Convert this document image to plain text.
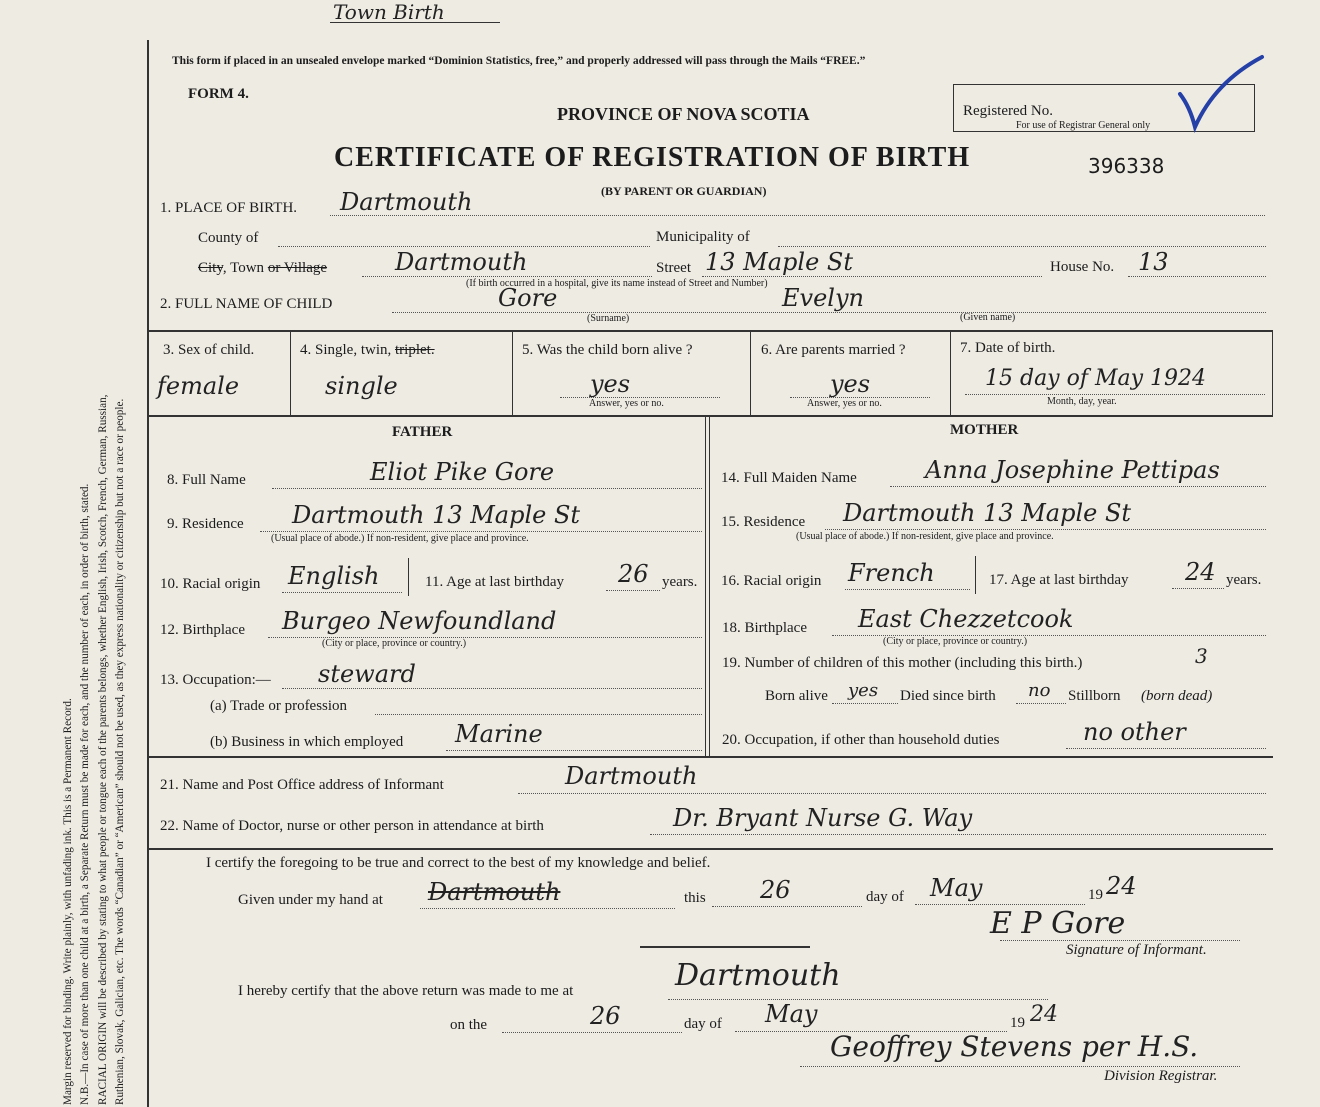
Margin reserved for binding. Write plainly, with unfading ink. This is a Permanent Record. N.B.—In case of more than one child at a birth, a Separate Return must be made for each, and the number of each, in order of birth, stated. RACIAL ORIGIN will be described by stating to what people or tongue each of the parents belongs, whether English, Irish, Scotch, French, German, Russian, Ruthenian, Slovak, Galician, etc. The words “Canadian” or “American” should not be used, as they express nationality or citizenship but not a race or people.
Town Birth
This form if placed in an unsealed envelope marked “Dominion Statistics, free,” and properly addressed will pass through the Mails “FREE.”
FORM 4.
PROVINCE OF NOVA SCOTIA	Registered No.
For use of Registrar General only
CERTIFICATE OF REGISTRATION OF BIRTH	396338
(BY PARENT OR GUARDIAN)
1. PLACE OF BIRTH. Dartmouth
County of	Municipality of
City, Town or Village	Dartmouth	Street 13 Maple St	House No. 13
(If birth occurred in a hospital, give its name instead of Street and Number)
2. FULL NAME OF CHILD	Gore	Evelyn
(Surname)	(Given name)
3. Sex of child.
female
4. Single, twin, triplet.
single
5. Was the child born alive ?
yes
Answer, yes or no.
6. Are parents married ?
yes
Answer, yes or no.
7. Date of birth.
15 day of May 1924
Month, day, year.
FATHER	MOTHER
8. Full Name	Eliot Pike Gore	14. Full Maiden Name	Anna Josephine Pettipas
9. Residence Dartmouth 13 Maple St
(Usual place of abode.) If non-resident, give place and province.
15. Residence Dartmouth 13 Maple St
(Usual place of abode.) If non-resident, give place and province.
10. Racial origin English	11. Age at last birthday 26 years. 16. Racial origin French	17. Age at last birthday 24 years.
12. Birthplace Burgeo Newfoundland
(City or place, province or country.)
18. Birthplace East Chezzetcook
(City or place, province or country.)
13. Occupation:— steward
(a) Trade or profession
(b) Business in which employed Marine
19. Number of children of this mother (including this birth.)	3
Born alive yes Died since birth no Stillborn (born dead)
20. Occupation, if other than household duties	no other
21. Name and Post Office address of Informant	Dartmouth
22. Name of Doctor, nurse or other person in attendance at birth	Dr. Bryant Nurse G. Way
I certify the foregoing to be true and correct to the best of my knowledge and belief.
Given under my hand at Dartmouth	this 26	day of May	19 24
E P Gore
Signature of Informant.
I hereby certify that the above return was made to me at	Dartmouth
on the	26	day of May	19 24
Geoffrey Stevens per H.S.
Division Registrar.
